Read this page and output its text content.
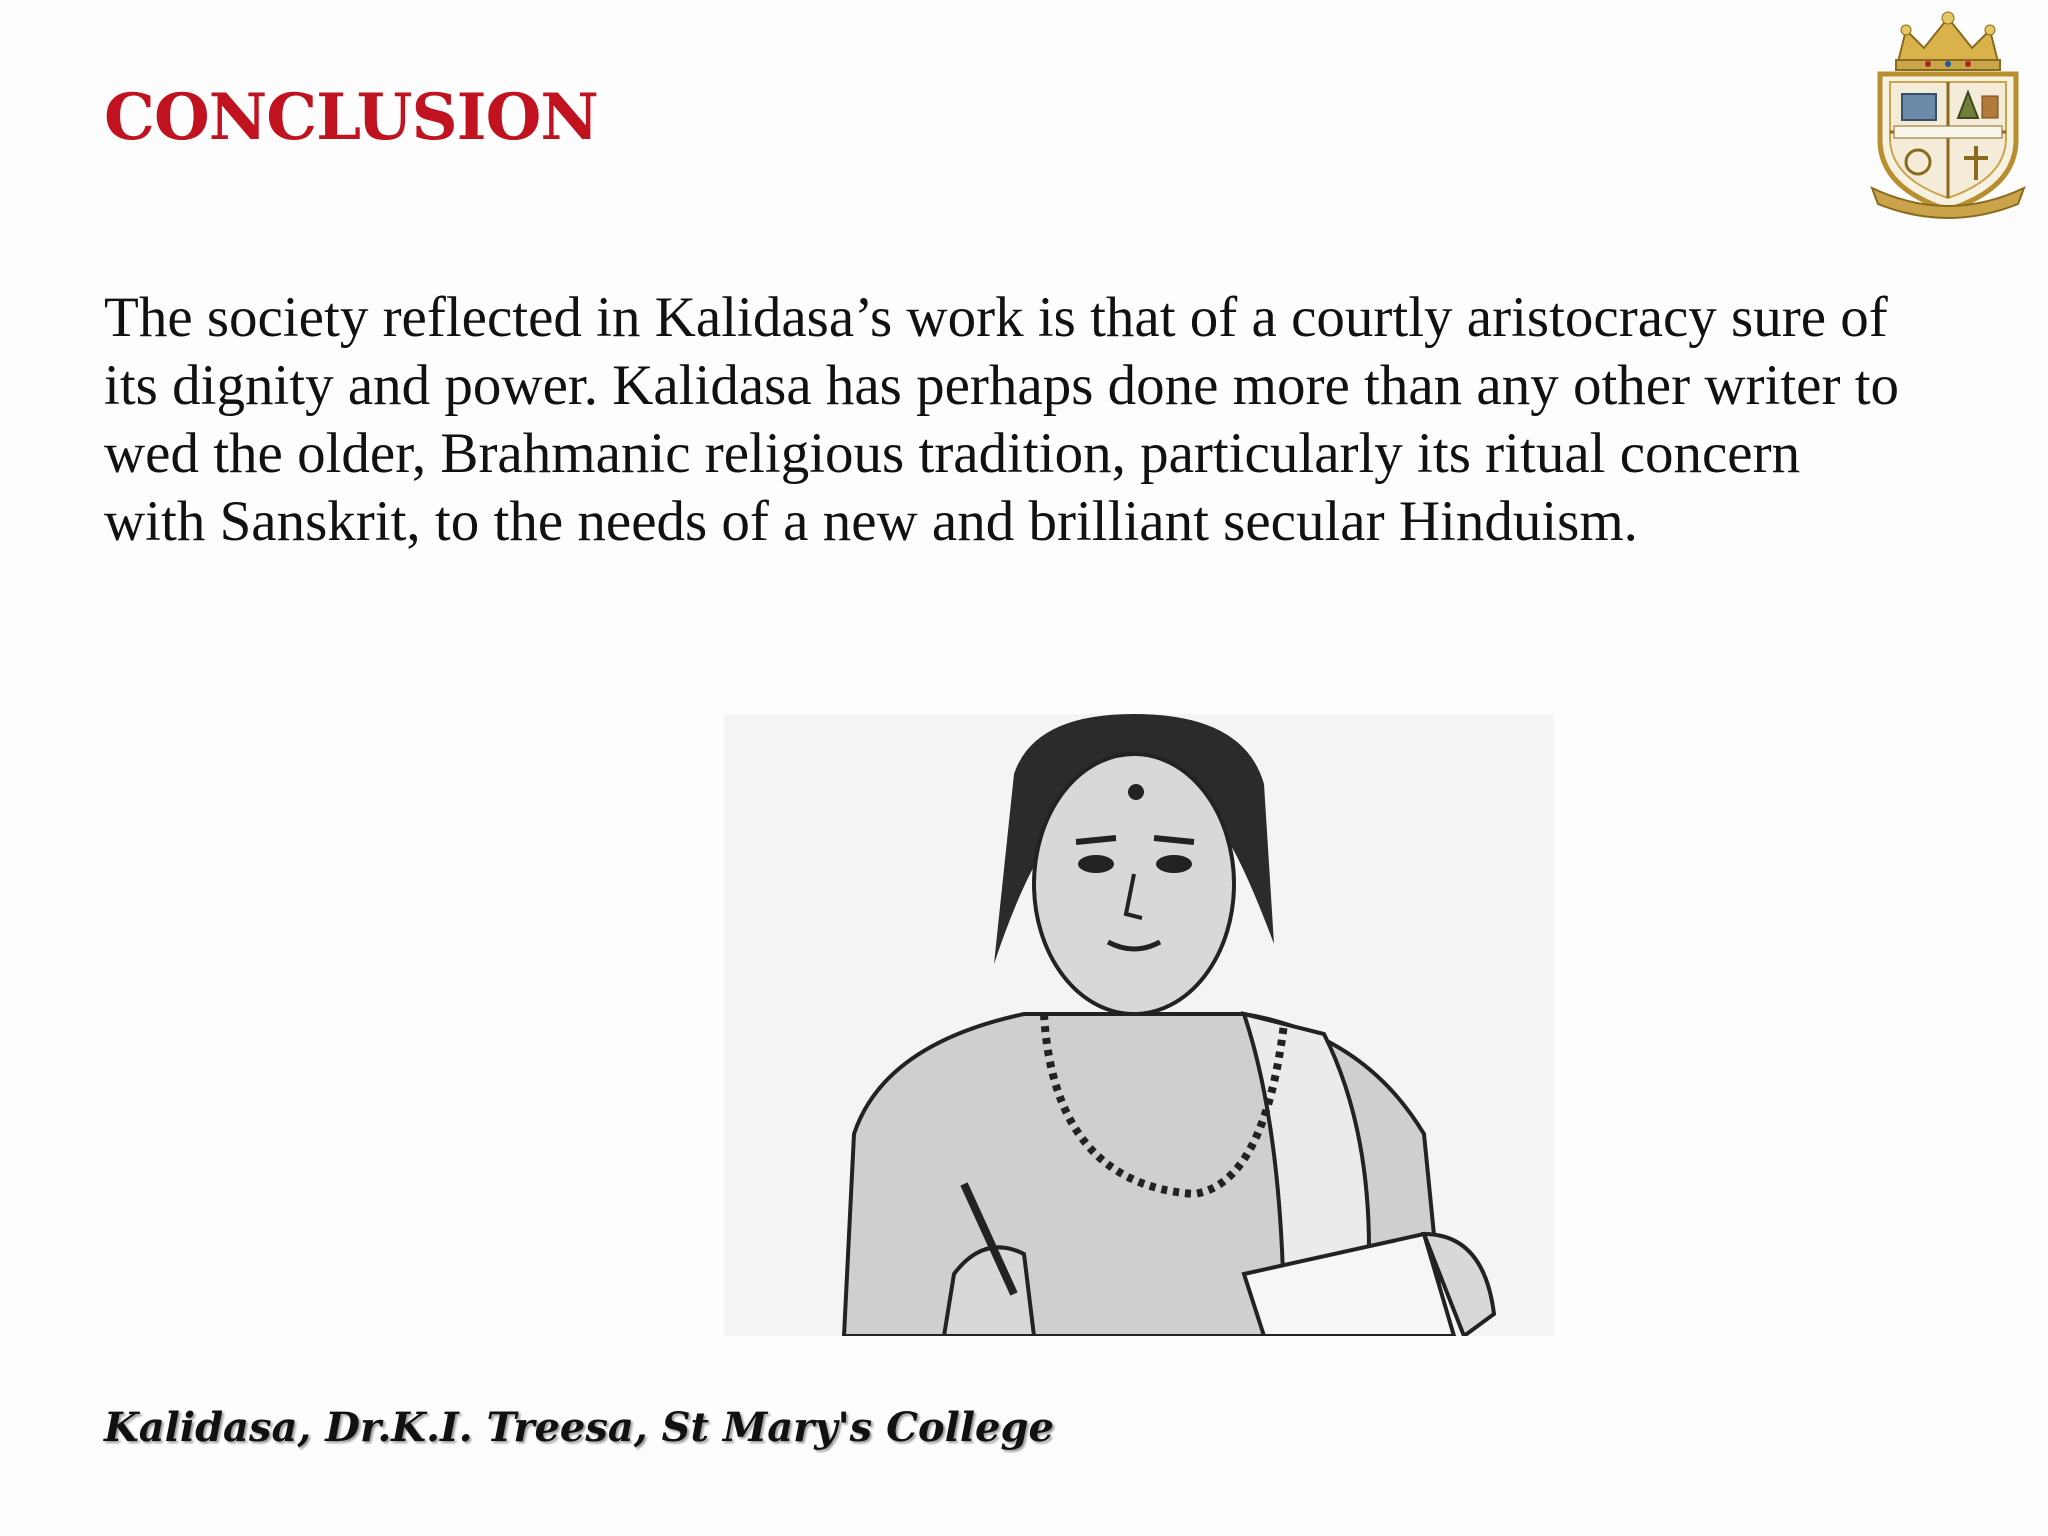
CONCLUSION

The society reflected in Kalidasa’s work is that of a courtly aristocracy sure of its dignity and power. Kalidasa has perhaps done more than any other writer to wed the older, Brahmanic religious tradition, particularly its ritual concern with Sanskrit, to the needs of a new and brilliant secular Hinduism.

Kalidasa, Dr.K.I. Treesa, St Mary's College
